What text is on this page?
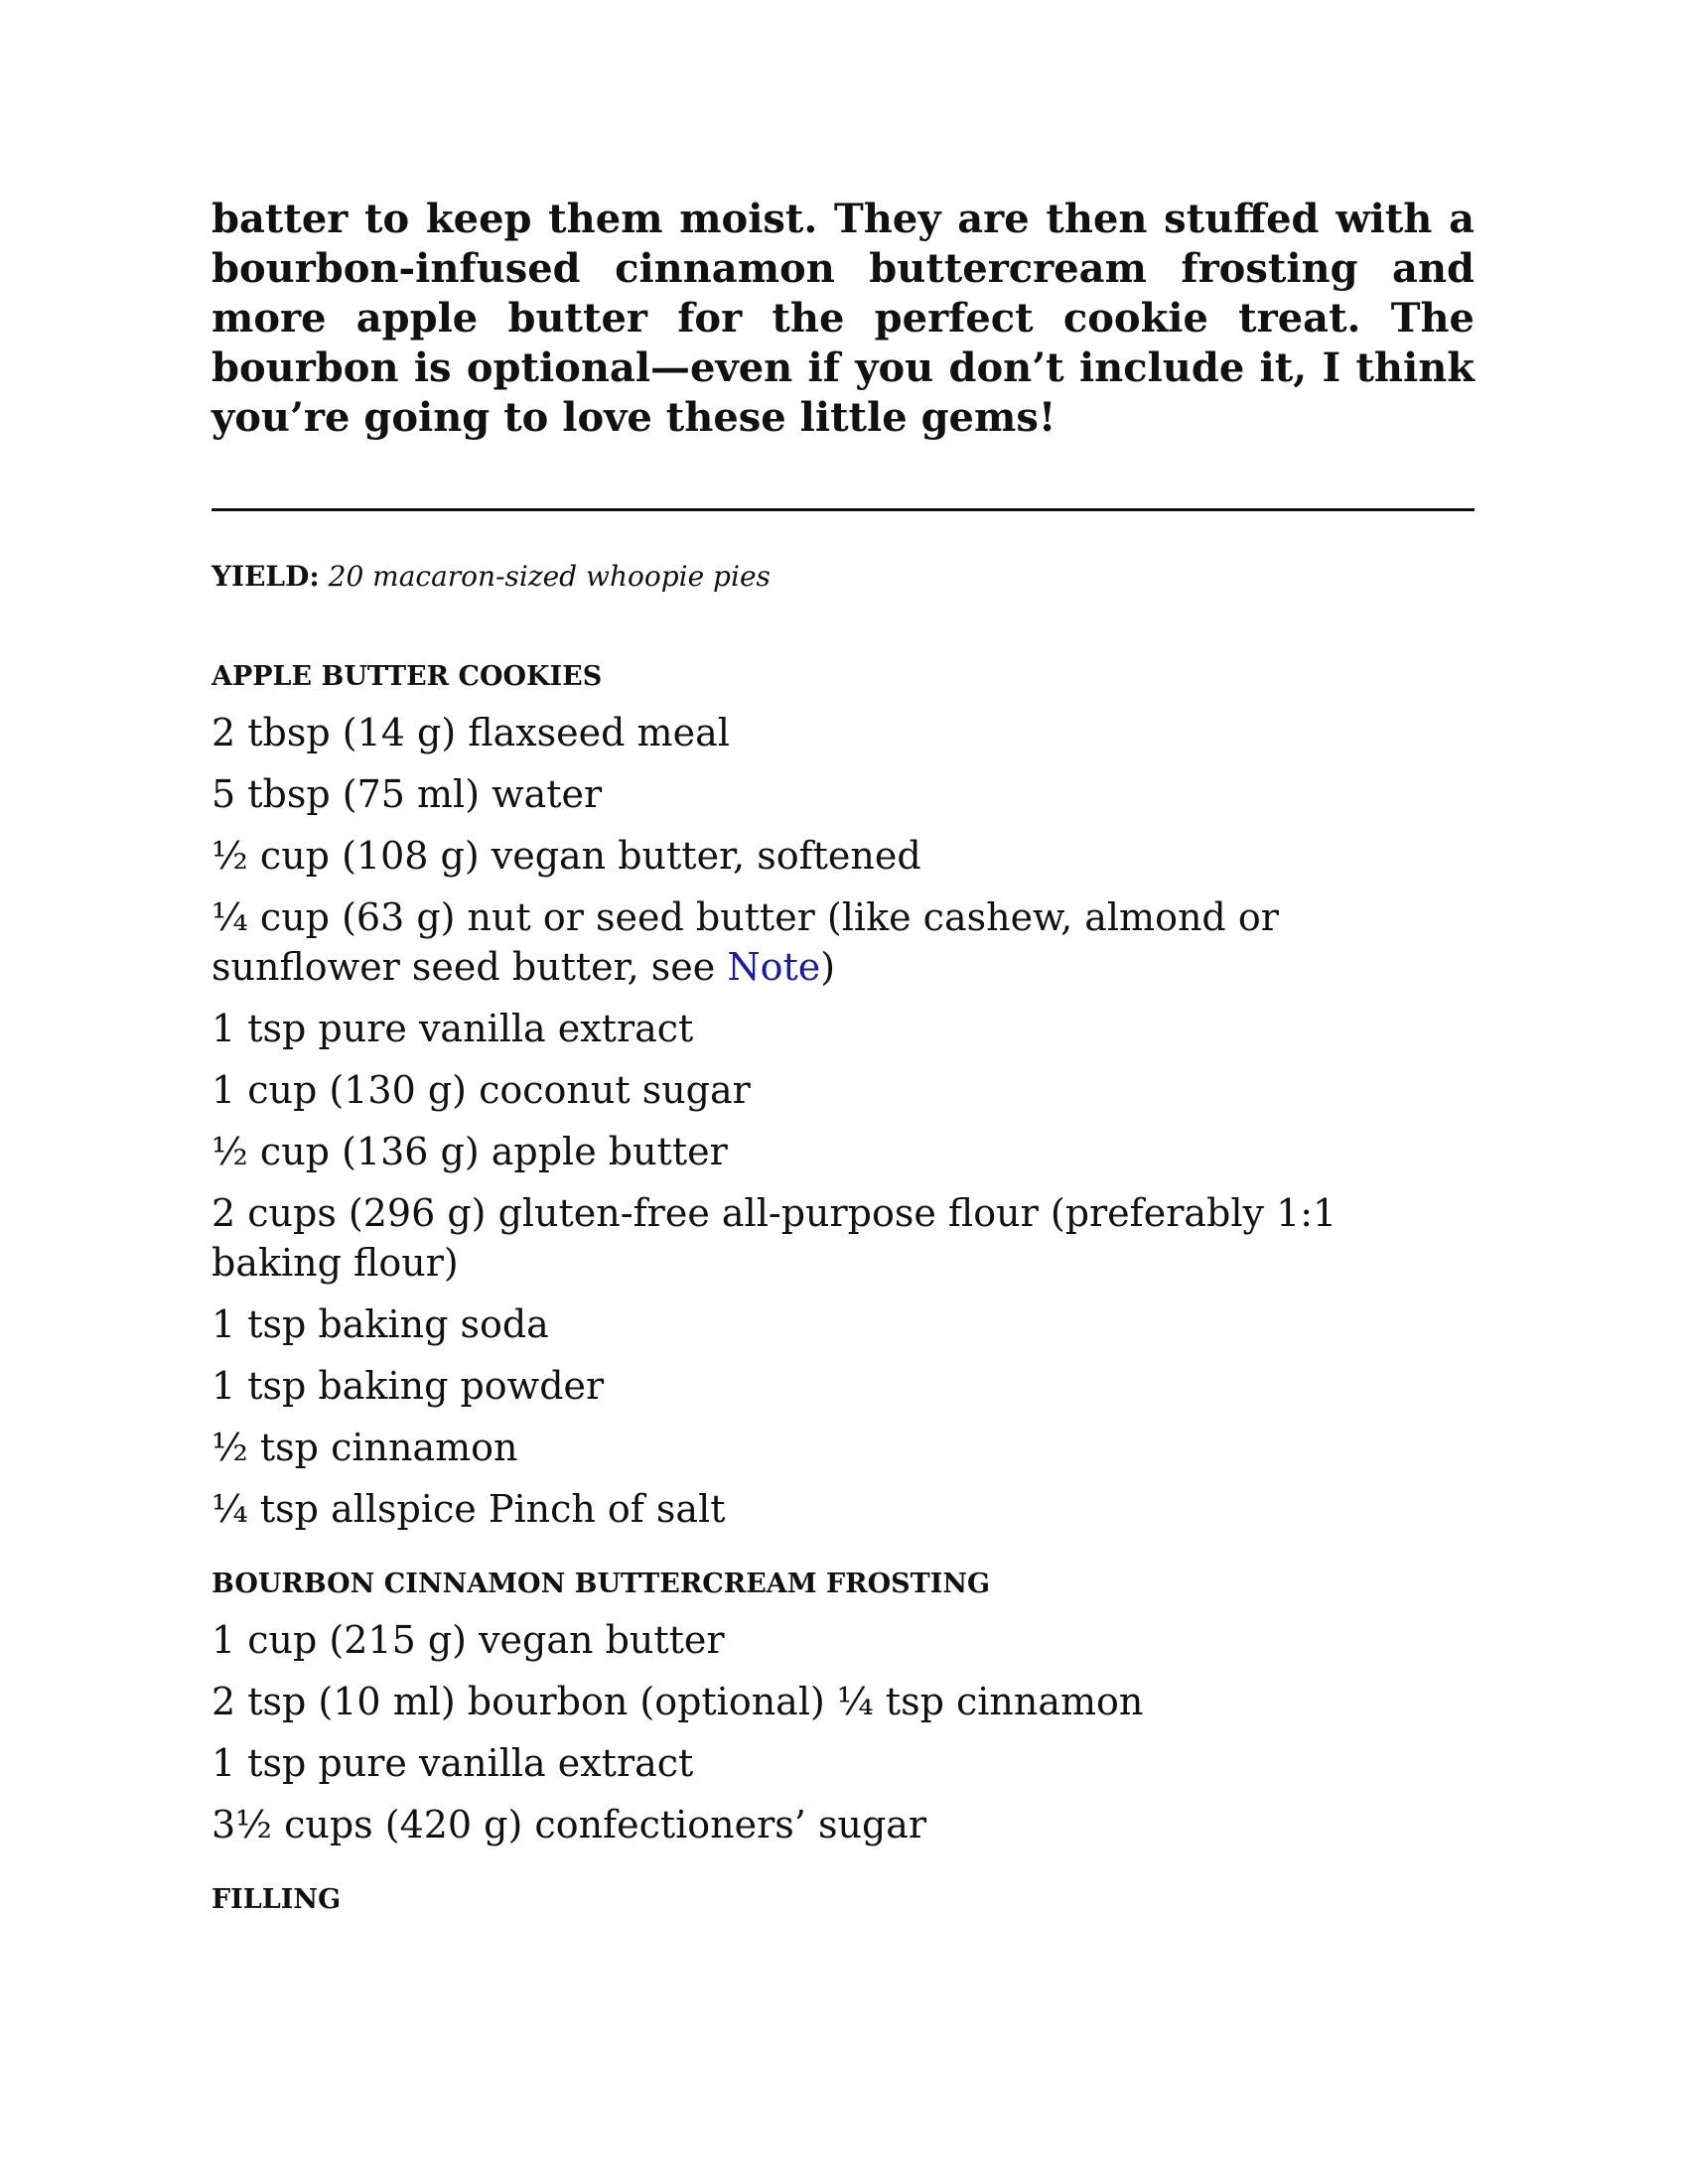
batter to keep them moist. They are then stuffed with a bourbon-infused cinnamon buttercream frosting and more apple butter for the perfect cookie treat. The bourbon is optional—even if you don’t include it, I think you’re going to love these little gems!

YIELD: 20 macaron-sized whoopie pies
APPLE BUTTER COOKIES
2 tbsp (14 g) flaxseed meal
5 tbsp (75 ml) water
½ cup (108 g) vegan butter, softened
¼ cup (63 g) nut or seed butter (like cashew, almond or sunflower seed butter, see Note)
1 tsp pure vanilla extract
1 cup (130 g) coconut sugar
½ cup (136 g) apple butter
2 cups (296 g) gluten-free all-purpose flour (preferably 1:1 baking flour)
1 tsp baking soda
1 tsp baking powder
½ tsp cinnamon
¼ tsp allspice Pinch of salt
BOURBON CINNAMON BUTTERCREAM FROSTING
1 cup (215 g) vegan butter
2 tsp (10 ml) bourbon (optional) ¼ tsp cinnamon
1 tsp pure vanilla extract
3½ cups (420 g) confectioners’ sugar
FILLING
